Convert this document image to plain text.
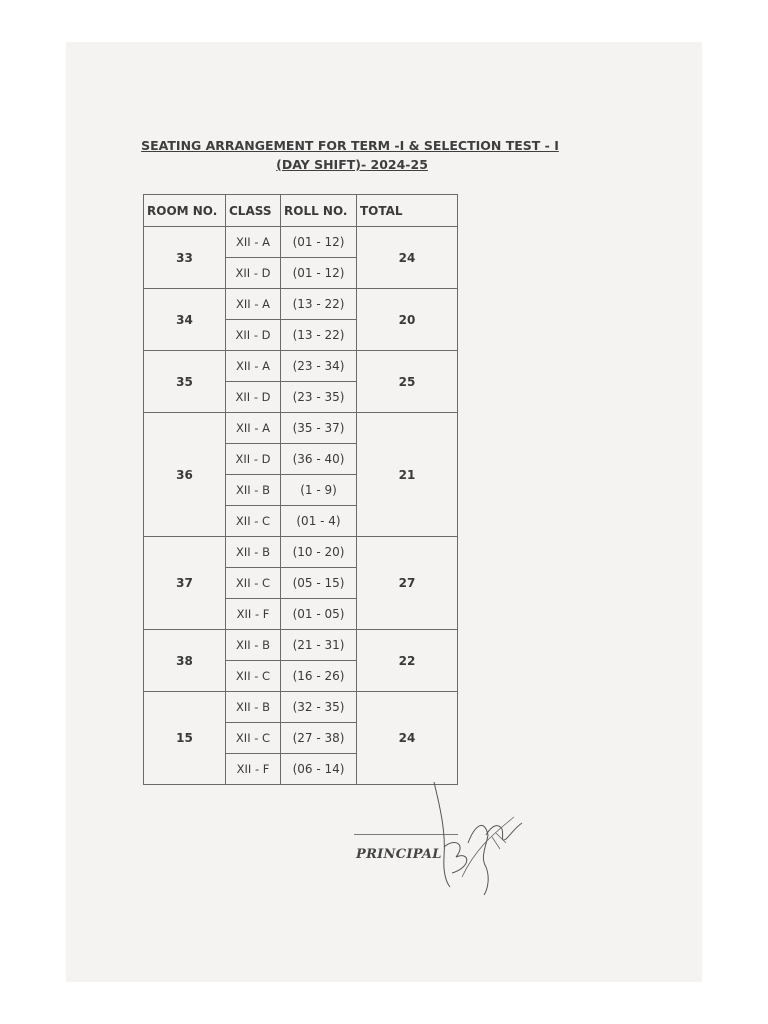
SEATING ARRANGEMENT FOR TERM -I & SELECTION TEST - I
(DAY SHIFT)- 2024-25
ROOM NO.	CLASS	ROLL NO.	TOTAL
33	XII - A	(01 - 12)	24
	XII - D	(01 - 12)	
34	XII - A	(13 - 22)	20
	XII - D	(13 - 22)	
35	XII - A	(23 - 34)	25
	XII - D	(23 - 35)	
36	XII - A	(35 - 37)	21
	XII - D	(36 - 40)	
	XII - B	(1 - 9)	
	XII - C	(01 - 4)	
37	XII - B	(10 - 20)	27
	XII - C	(05 - 15)	
	XII - F	(01 - 05)	
38	XII - B	(21 - 31)	22
	XII - C	(16 - 26)	
15	XII - B	(32 - 35)	24
	XII - C	(27 - 38)	
	XII - F	(06 - 14)	
PRINCIPAL
